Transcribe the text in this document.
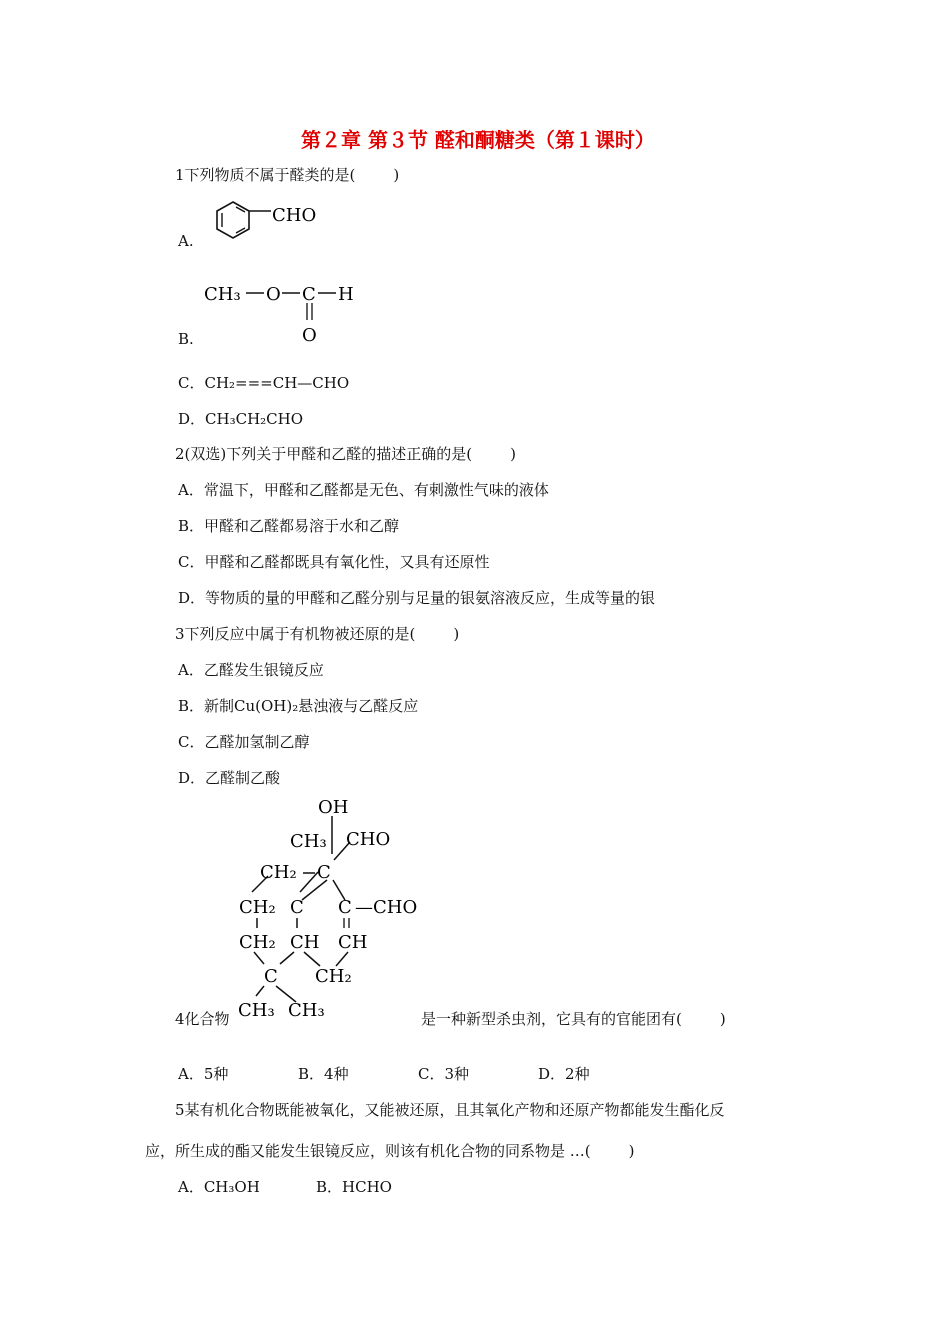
第２章 第３节 醛和酮糖类（第１课时）
1下列物质不属于醛类的是(	)
A.
CHO
B.
CH₃ O C H
O
C．CH₂===CH—CHO
D．CH₃CH₂CHO
2(双选)下列关于甲醛和乙醛的描述正确的是(	)
A．常温下，甲醛和乙醛都是无色、有刺激性气味的液体
B．甲醛和乙醛都易溶于水和乙醇
C．甲醛和乙醛都既具有氧化性，又具有还原性
D．等物质的量的甲醛和乙醛分别与足量的银氨溶液反应，生成等量的银
3下列反应中属于有机物被还原的是(	)
A．乙醛发生银镜反应
B．新制Cu(OH)₂悬浊液与乙醛反应
C．乙醛加氢制乙醇
D．乙醛制乙酸
OH
CH₃ CHO
CH₂ C
CH₂ C C —CHO
CH₂ CH CH
C CH₂
CH₃ CH₃
4化合物	是一种新型杀虫剂，它具有的官能团有(	)
A．5种	B．4种	C．3种	D．2种
5某有机化合物既能被氧化，又能被还原，且其氧化产物和还原产物都能发生酯化反
应，所生成的酯又能发生银镜反应，则该有机化合物的同系物是 …(	)
A．CH₃OH	B．HCHO
